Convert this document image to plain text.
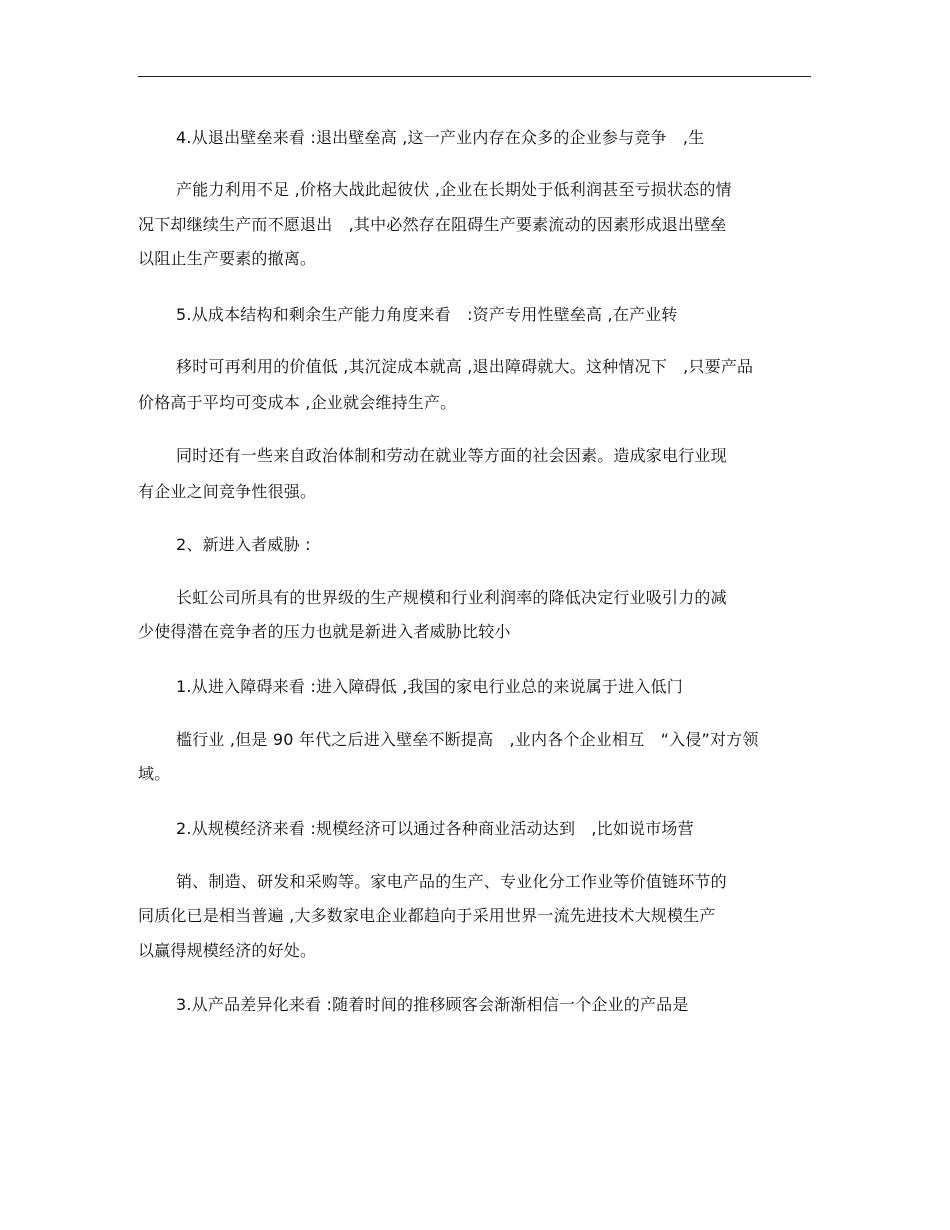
4.从退出壁垒来看 :退出壁垒高 ,这一产业内存在众多的企业参与竞争　,生
产能力利用不足 ,价格大战此起彼伏 ,企业在长期处于低利润甚至亏损状态的情
况下却继续生产而不愿退出　,其中必然存在阻碍生产要素流动的因素形成退出壁垒
以阻止生产要素的撤离。
5.从成本结构和剩余生产能力角度来看　:资产专用性壁垒高 ,在产业转
移时可再利用的价值低 ,其沉淀成本就高 ,退出障碍就大。这种情况下　,只要产品
价格高于平均可变成本 ,企业就会维持生产。
同时还有一些来自政治体制和劳动在就业等方面的社会因素。造成家电行业现
有企业之间竞争性很强。
2、新进入者威胁 :
长虹公司所具有的世界级的生产规模和行业利润率的降低决定行业吸引力的减
少使得潜在竞争者的压力也就是新进入者威胁比较小
1.从进入障碍来看 :进入障碍低 ,我国的家电行业总的来说属于进入低门
槛行业 ,但是 90 年代之后进入壁垒不断提高　,业内各个企业相互　“入侵”对方领
域。
2.从规模经济来看 :规模经济可以通过各种商业活动达到　,比如说市场营
销、制造、研发和采购等。家电产品的生产、专业化分工作业等价值链环节的
同质化已是相当普遍 ,大多数家电企业都趋向于采用世界一流先进技术大规模生产
以赢得规模经济的好处。
3.从产品差异化来看 :随着时间的推移顾客会渐渐相信一个企业的产品是
